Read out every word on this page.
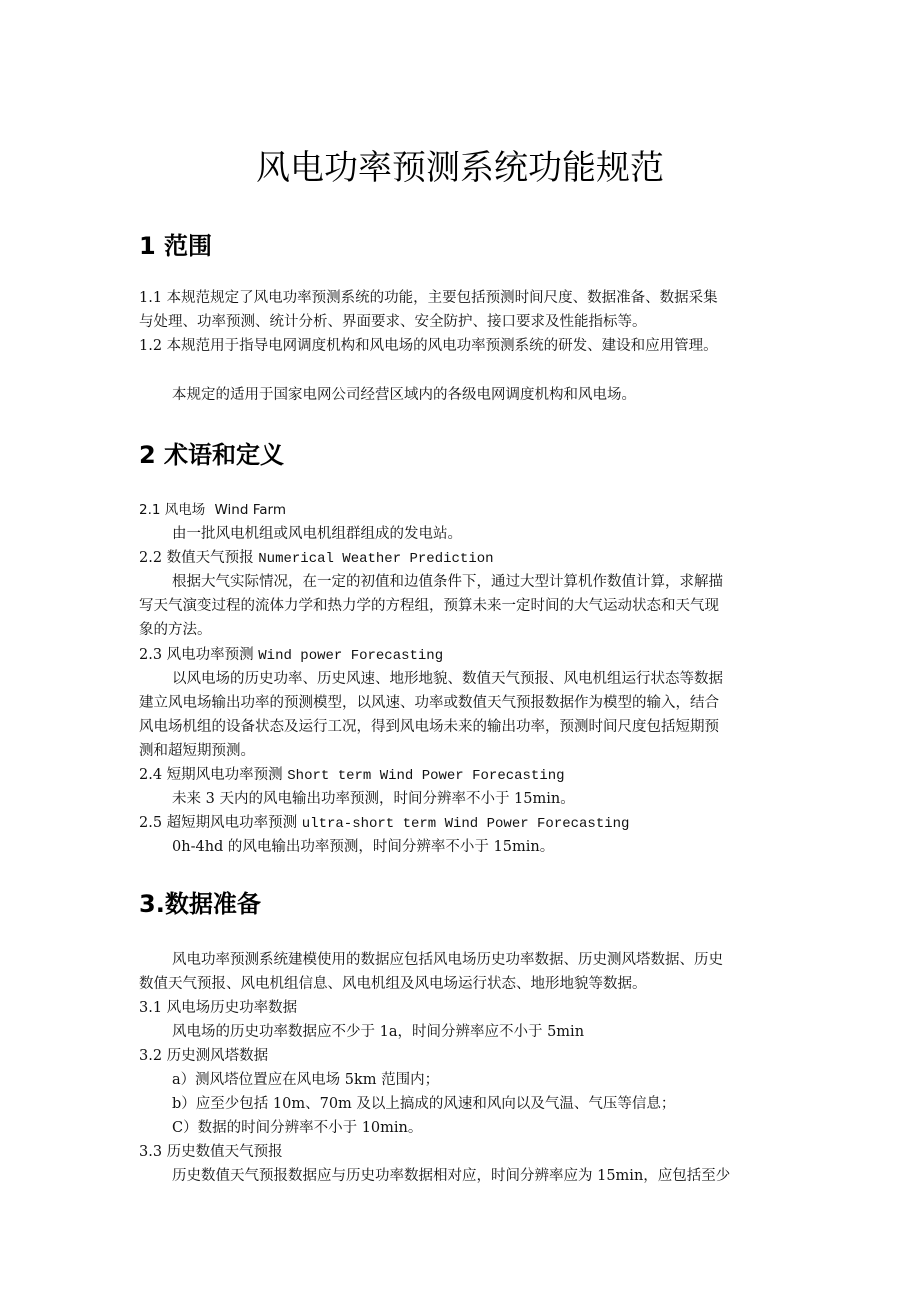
风电功率预测系统功能规范
1 范围
1.1 本规范规定了风电功率预测系统的功能，主要包括预测时间尺度、数据准备、数据采集
与处理、功率预测、统计分析、界面要求、安全防护、接口要求及性能指标等。
1.2 本规范用于指导电网调度机构和风电场的风电功率预测系统的研发、建设和应用管理。
本规定的适用于国家电网公司经营区域内的各级电网调度机构和风电场。
2 术语和定义
2.1 风电场 Wind Farm
由一批风电机组或风电机组群组成的发电站。
2.2 数值天气预报 Numerical Weather Prediction
根据大气实际情况，在一定的初值和边值条件下，通过大型计算机作数值计算，求解描
写天气演变过程的流体力学和热力学的方程组，预算未来一定时间的大气运动状态和天气现
象的方法。
2.3 风电功率预测 Wind power Forecasting
以风电场的历史功率、历史风速、地形地貌、数值天气预报、风电机组运行状态等数据
建立风电场输出功率的预测模型，以风速、功率或数值天气预报数据作为模型的输入，结合
风电场机组的设备状态及运行工况，得到风电场未来的输出功率，预测时间尺度包括短期预
测和超短期预测。
2.4 短期风电功率预测 Short term Wind Power Forecasting
未来 3 天内的风电输出功率预测，时间分辨率不小于 15min。
2.5 超短期风电功率预测 ultra-short term Wind Power Forecasting
0h-4hd 的风电输出功率预测，时间分辨率不小于 15min。
3.数据准备
风电功率预测系统建模使用的数据应包括风电场历史功率数据、历史测风塔数据、历史
数值天气预报、风电机组信息、风电机组及风电场运行状态、地形地貌等数据。
3.1 风电场历史功率数据
风电场的历史功率数据应不少于 1a，时间分辨率应不小于 5min
3.2 历史测风塔数据
a）测风塔位置应在风电场 5km 范围内；
b）应至少包括 10m、70m 及以上搞成的风速和风向以及气温、气压等信息；
C）数据的时间分辨率不小于 10min。
3.3 历史数值天气预报
历史数值天气预报数据应与历史功率数据相对应，时间分辨率应为 15min，应包括至少
